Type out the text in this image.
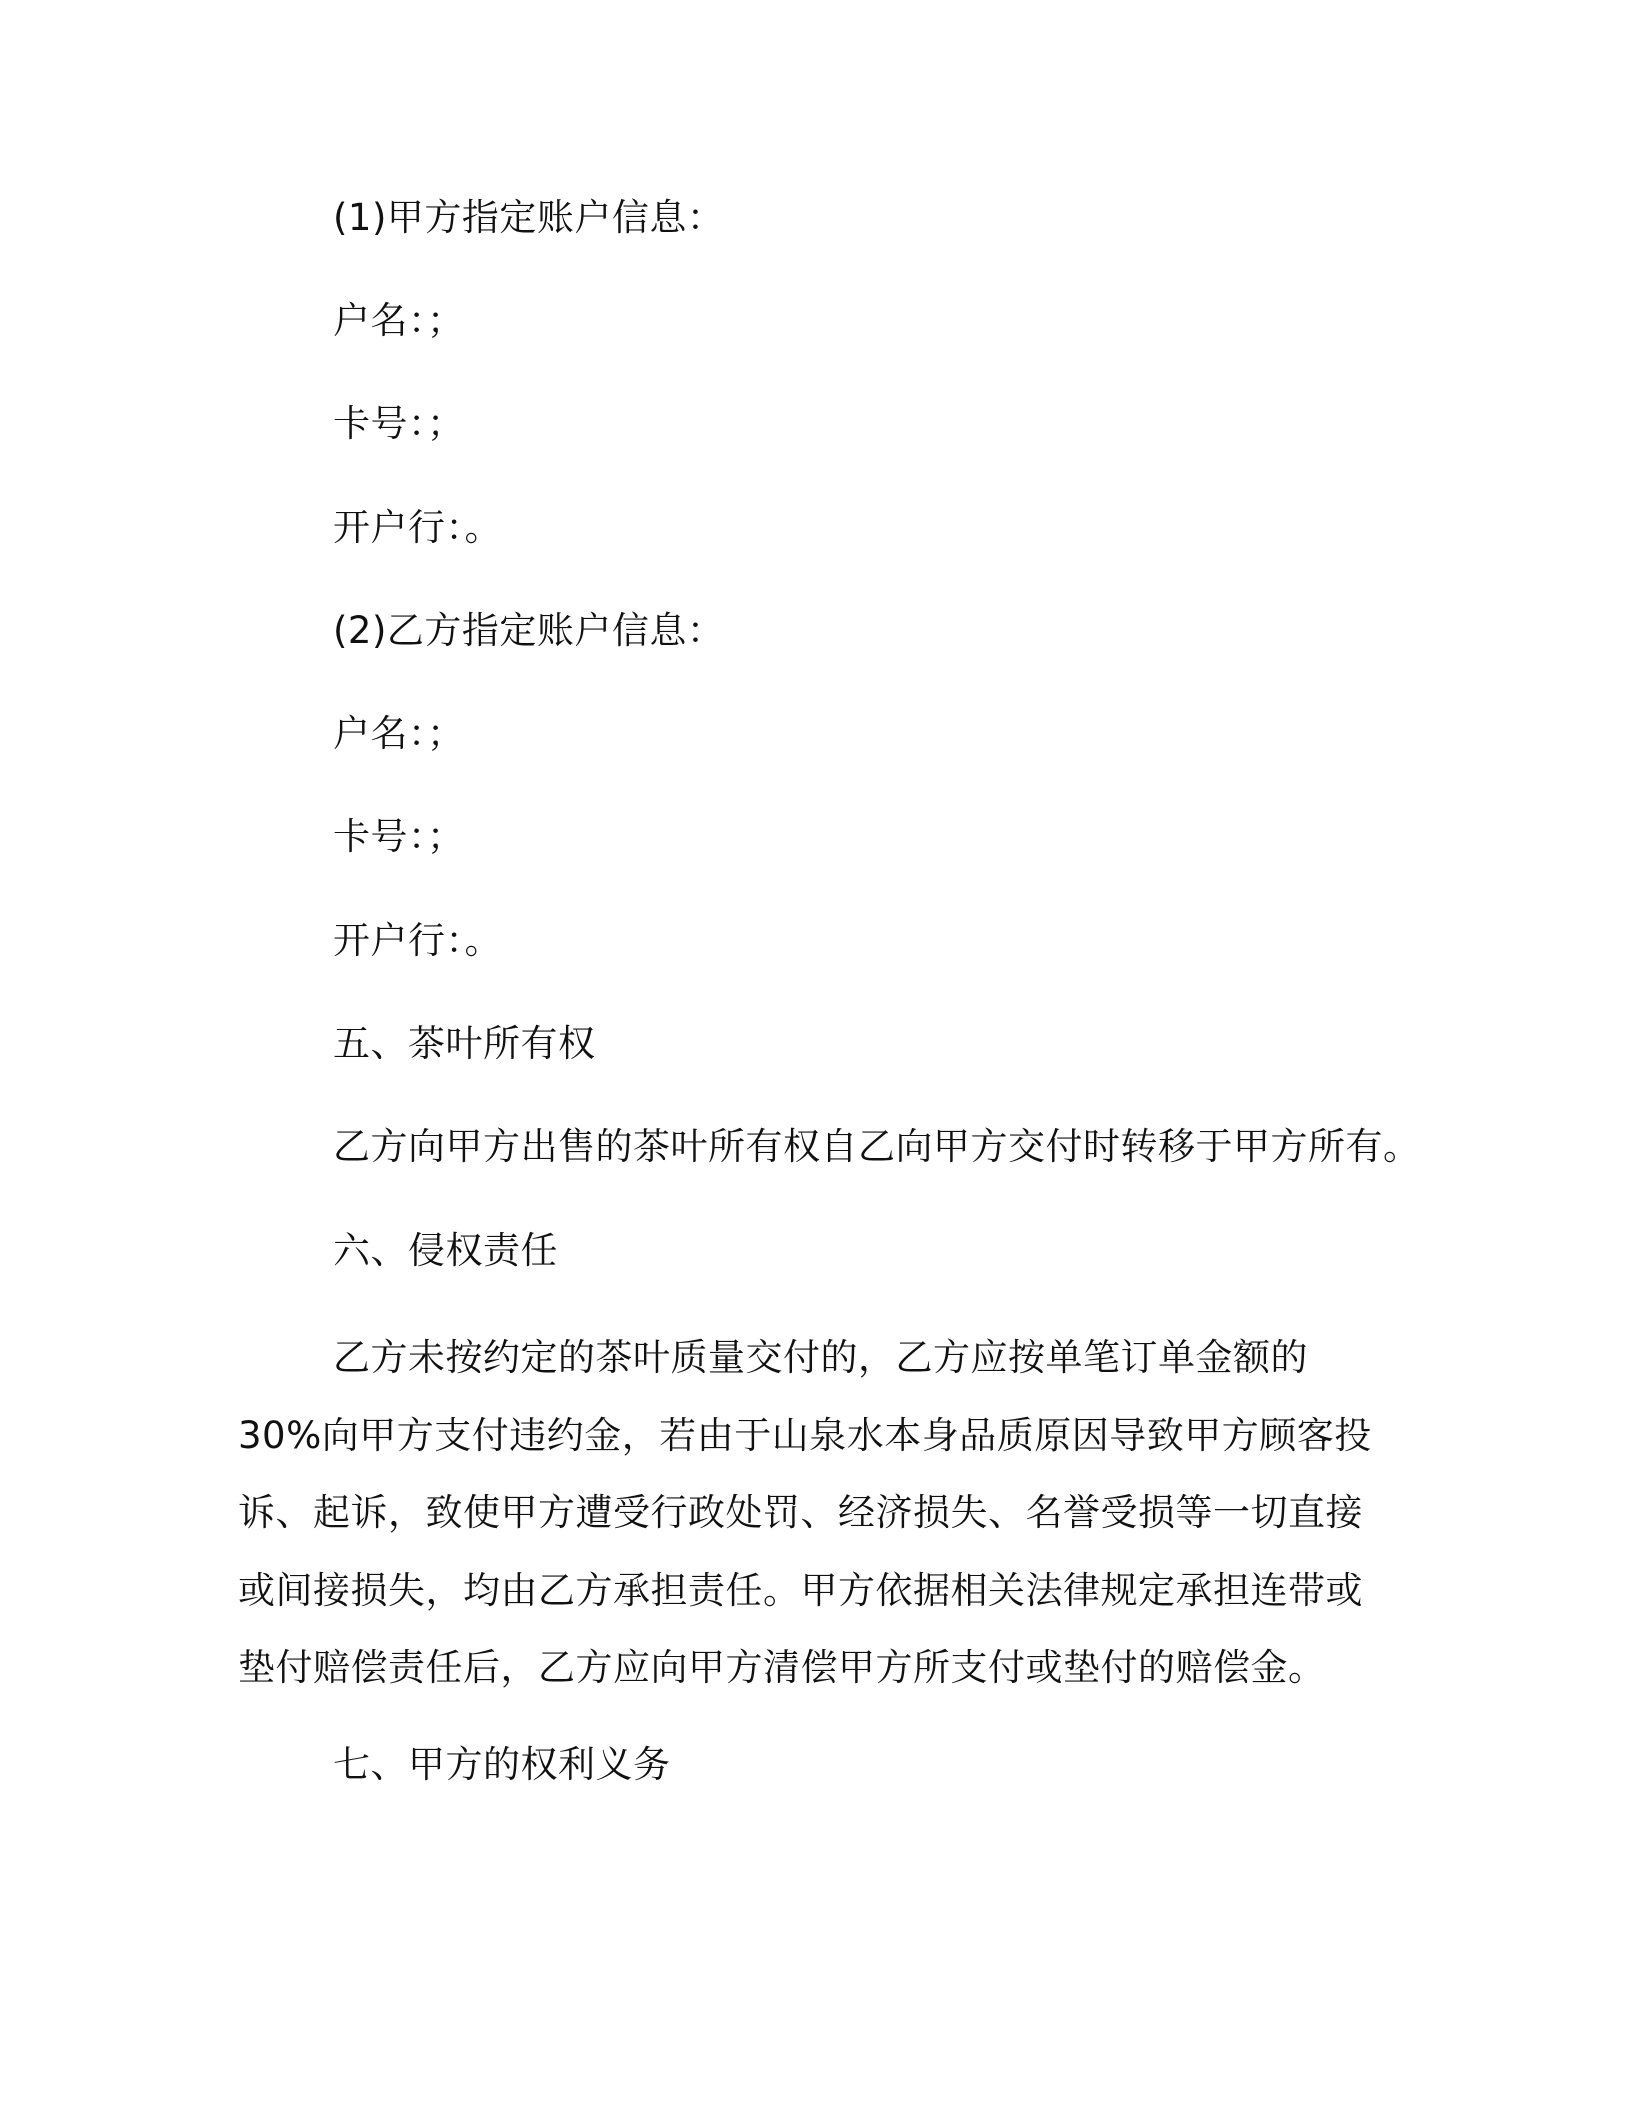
(1)甲方指定账户信息：
户名：；
卡号：；
开户行：。
(2)乙方指定账户信息：
户名：；
卡号：；
开户行：。
五、茶叶所有权
乙方向甲方出售的茶叶所有权自乙向甲方交付时转移于甲方所有。
六、侵权责任
乙方未按约定的茶叶质量交付的，乙方应按单笔订单金额的
30%向甲方支付违约金，若由于山泉水本身品质原因导致甲方顾客投
诉、起诉，致使甲方遭受行政处罚、经济损失、名誉受损等一切直接
或间接损失，均由乙方承担责任。甲方依据相关法律规定承担连带或
垫付赔偿责任后，乙方应向甲方清偿甲方所支付或垫付的赔偿金。
七、甲方的权利义务
